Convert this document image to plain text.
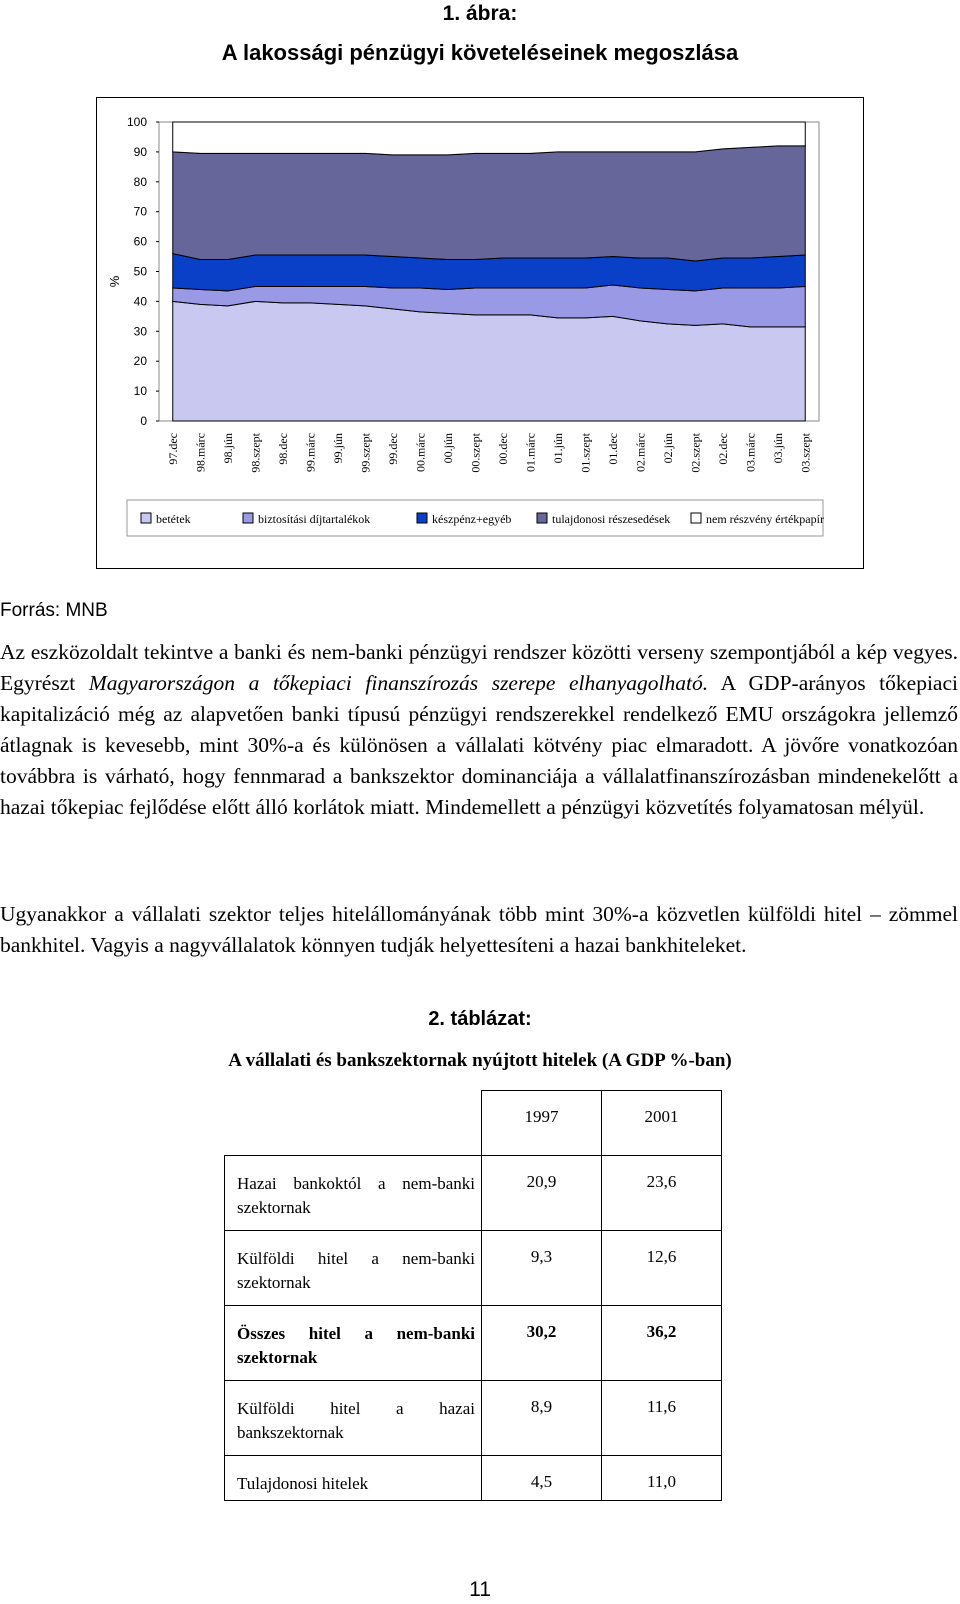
1. ábra:
A lakossági pénzügyi követeléseinek megoszlása
0
10
20
30
40
50
60
70
80
90
100
%
97.dec 98.márc 98.jún 98.szept 98.dec 99.márc 99.jún 99.szept 99.dec 00.márc 00.jún 00.szept 00.dec 01.márc 01.jún 01.szept 01.dec 02.márc 02.jún 02.szept 02.dec 03.márc 03.jún 03.szept
betétek	biztosítási díjtartalékok	készpénz+egyéb	tulajdonosi részesedések	nem részvény értékpapír
Forrás: MNB

Az eszközoldalt tekintve a banki és nem-banki pénzügyi rendszer közötti verseny szempontjából a kép vegyes. Egyrészt Magyarországon a tőkepiaci finanszírozás szerepe elhanyagolható. A GDP-arányos tőkepiaci kapitalizáció még az alapvetően banki típusú pénzügyi rendszerekkel rendelkező EMU országokra jellemző átlagnak is kevesebb, mint 30%-a és különösen a vállalati kötvény piac elmaradott. A jövőre vonatkozóan továbbra is várható, hogy fennmarad a bankszektor dominanciája a vállalatfinanszírozásban mindenekelőtt a hazai tőkepiac fejlődése előtt álló korlátok miatt. Mindemellett a pénzügyi közvetítés folyamatosan mélyül.

Ugyanakkor a vállalati szektor teljes hitelállományának több mint 30%-a közvetlen külföldi hitel – zömmel bankhitel. Vagyis a nagyvállalatok könnyen tudják helyettesíteni a hazai bankhiteleket.

2. táblázat:
A vállalati és bankszektornak nyújtott hitelek (A GDP %-ban)
	1997	2001
Hazai bankoktól a nem-banki szektornak	20,9	23,6
Külföldi hitel a nem-banki szektornak	9,3	12,6
Összes hitel a nem-banki szektornak	30,2	36,2
Külföldi hitel a hazai bankszektornak	8,9	11,6
Tulajdonosi hitelek	4,5	11,0
11
